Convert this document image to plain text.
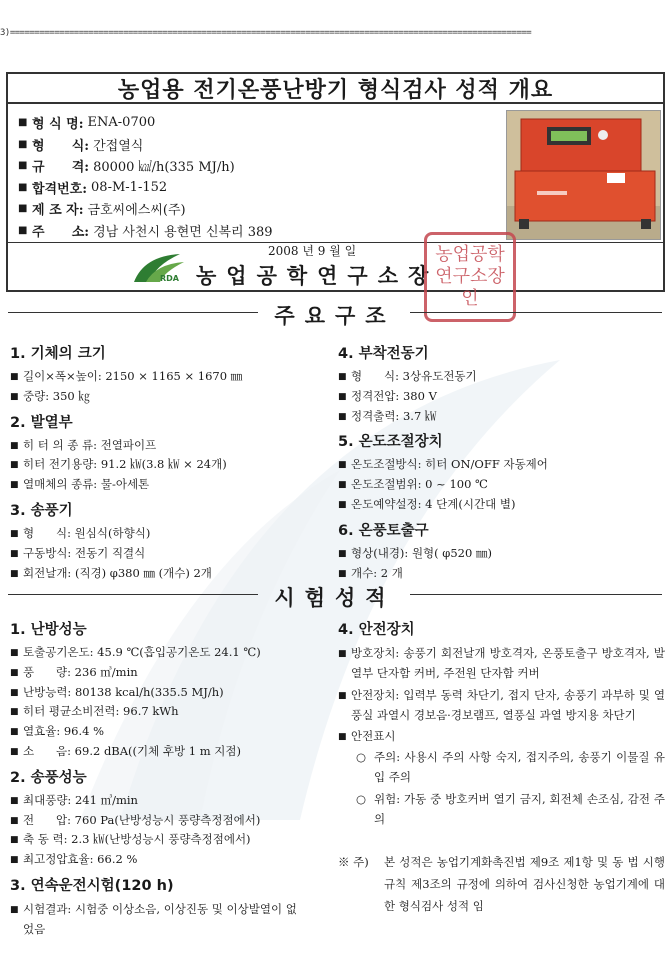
3)==========================================================================================================
농업용 전기온풍난방기 형식검사 성적 개요
■ 형 식 명: ENA-0700
■ 형      식: 간접열식
■ 규      격: 80000 ㎉/h(335 MJ/h)
■ 합격번호: 08-M-1-152
■ 제 조 자: 금호씨에스씨(주)
■ 주      소: 경남 사천시 용현면 신복리 389
2008 년 9 월 일
RDA 농업공학연구소장
농업공학연구소장인
주요구조
1. 기체의 크기
■ 길이×폭×높이: 2150 × 1165 × 1670 ㎜
■ 중량: 350 ㎏
2. 발열부
■ 히 터 의 종 류: 전열파이프
■ 히터 전기용량: 91.2 ㎾(3.8 ㎾ × 24개)
■ 열매체의 종류: 물-아세톤
3. 송풍기
■ 형      식: 원심식(하향식)
■ 구동방식: 전동기 직결식
■ 회전날개: (직경) φ380 ㎜ (개수) 2개
4. 부착전동기
■ 형      식: 3상유도전동기
■ 정격전압: 380 V
■ 정격출력: 3.7 ㎾
5. 온도조절장치
■ 온도조절방식: 히터 ON/OFF 자동제어
■ 온도조절범위: 0 ~ 100 ℃
■ 온도예약설정: 4 단계(시간대 별)
6. 온풍토출구
■ 형상(내경): 원형( φ520 ㎜)
■ 개수: 2 개
시험성적
1. 난방성능
■ 토출공기온도: 45.9 ℃(흡입공기온도 24.1 ℃)
■ 풍      량: 236 ㎥/min
■ 난방능력: 80138 kcal/h(335.5 MJ/h)
■ 히터 평균소비전력: 96.7 kWh
■ 열효율: 96.4 %
■ 소      음: 69.2 dBA((기체 후방 1 m 지점)
2. 송풍성능
■ 최대풍량: 241 ㎥/min
■ 전      압: 760 Pa(난방성능시 풍량측정점에서)
■ 축 동 력: 2.3 ㎾(난방성능시 풍량측정점에서)
■ 최고정압효율: 66.2 %
3. 연속운전시험(120 h)
■ 시험결과: 시험중 이상소음, 이상진동 및 이상발열이 없었음
4. 안전장치
■ 방호장치: 송풍기 회전날개 방호격자, 온풍토출구 방호격자, 발열부 단자함 커버, 주전원 단자함 커버
■ 안전장치: 입력부 동력 차단기, 접지 단자, 송풍기 과부하 및 열풍실 과열시 경보음·경보램프, 열풍실 과열 방지용 차단기
■ 안전표시
○ 주의: 사용시 주의 사항 숙지, 접지주의, 송풍기 이물질 유입 주의
○ 위험: 가동 중 방호커버 열기 금지, 회전체 손조심, 감전 주의
※ 주)	본 성적은 농업기계화촉진법 제9조 제1항 및 동 법 시행규칙 제3조의 규정에 의하여 검사신청한 농업기계에 대한 형식검사 성적 임
